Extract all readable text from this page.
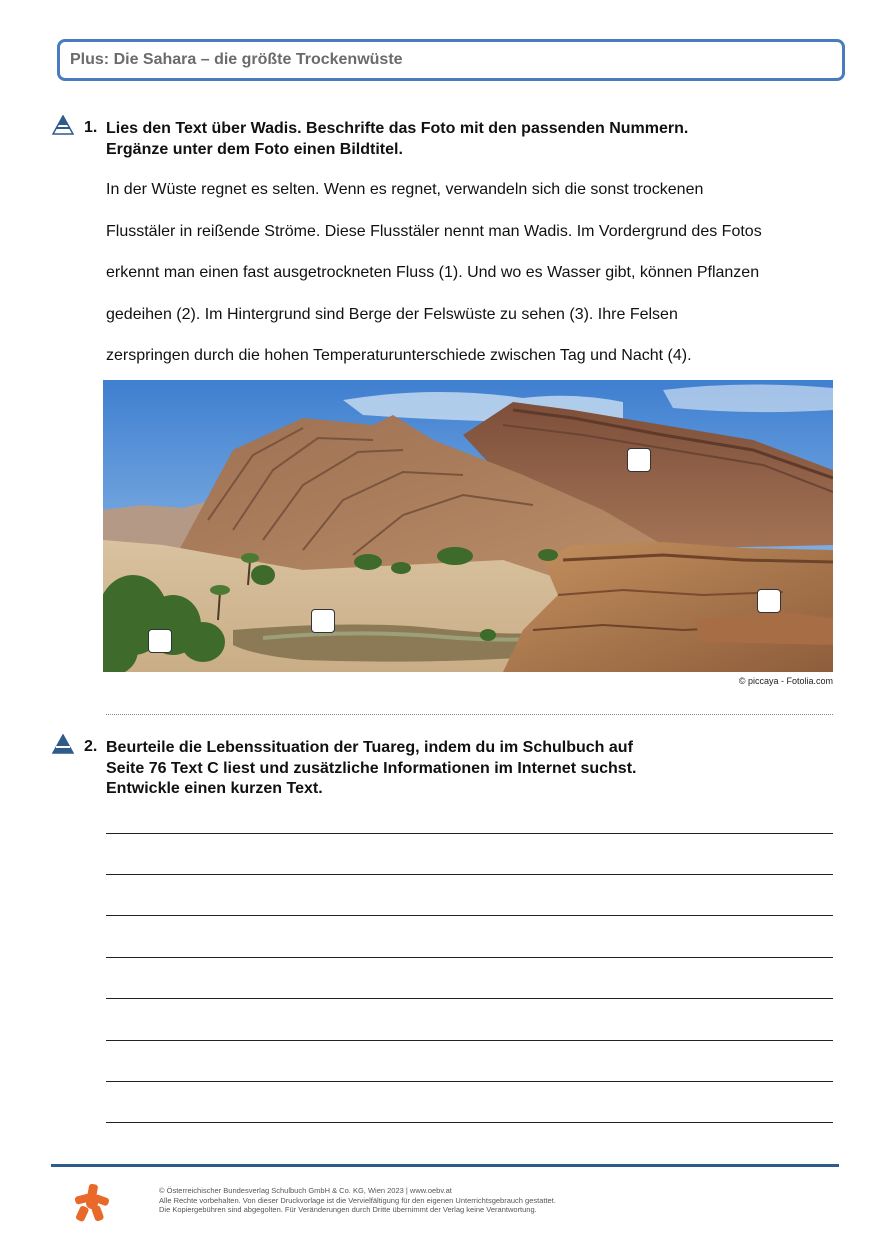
Plus: Die Sahara – die größte Trockenwüste
1. Lies den Text über Wadis. Beschrifte das Foto mit den passenden Nummern.
Ergänze unter dem Foto einen Bildtitel.
In der Wüste regnet es selten. Wenn es regnet, verwandeln sich die sonst trockenen
Flusstäler in reißende Ströme. Diese Flusstäler nennt man Wadis. Im Vordergrund des Fotos
erkennt man einen fast ausgetrockneten Fluss (1). Und wo es Wasser gibt, können Pflanzen
gedeihen (2). Im Hintergrund sind Berge der Felswüste zu sehen (3). Ihre Felsen
zerspringen durch die hohen Temperaturunterschiede zwischen Tag und Nacht (4).
© piccaya - Fotolia.com
2. Beurteile die Lebenssituation der Tuareg, indem du im Schulbuch auf
Seite 76 Text C liest und zusätzliche Informationen im Internet suchst.
Entwickle einen kurzen Text.
© Österreichischer Bundesverlag Schulbuch GmbH & Co. KG, Wien 2023 | www.oebv.at
Alle Rechte vorbehalten. Von dieser Druckvorlage ist die Vervielfältigung für den eigenen Unterrichtsgebrauch gestattet.
Die Kopiergebühren sind abgegolten. Für Veränderungen durch Dritte übernimmt der Verlag keine Verantwortung.
